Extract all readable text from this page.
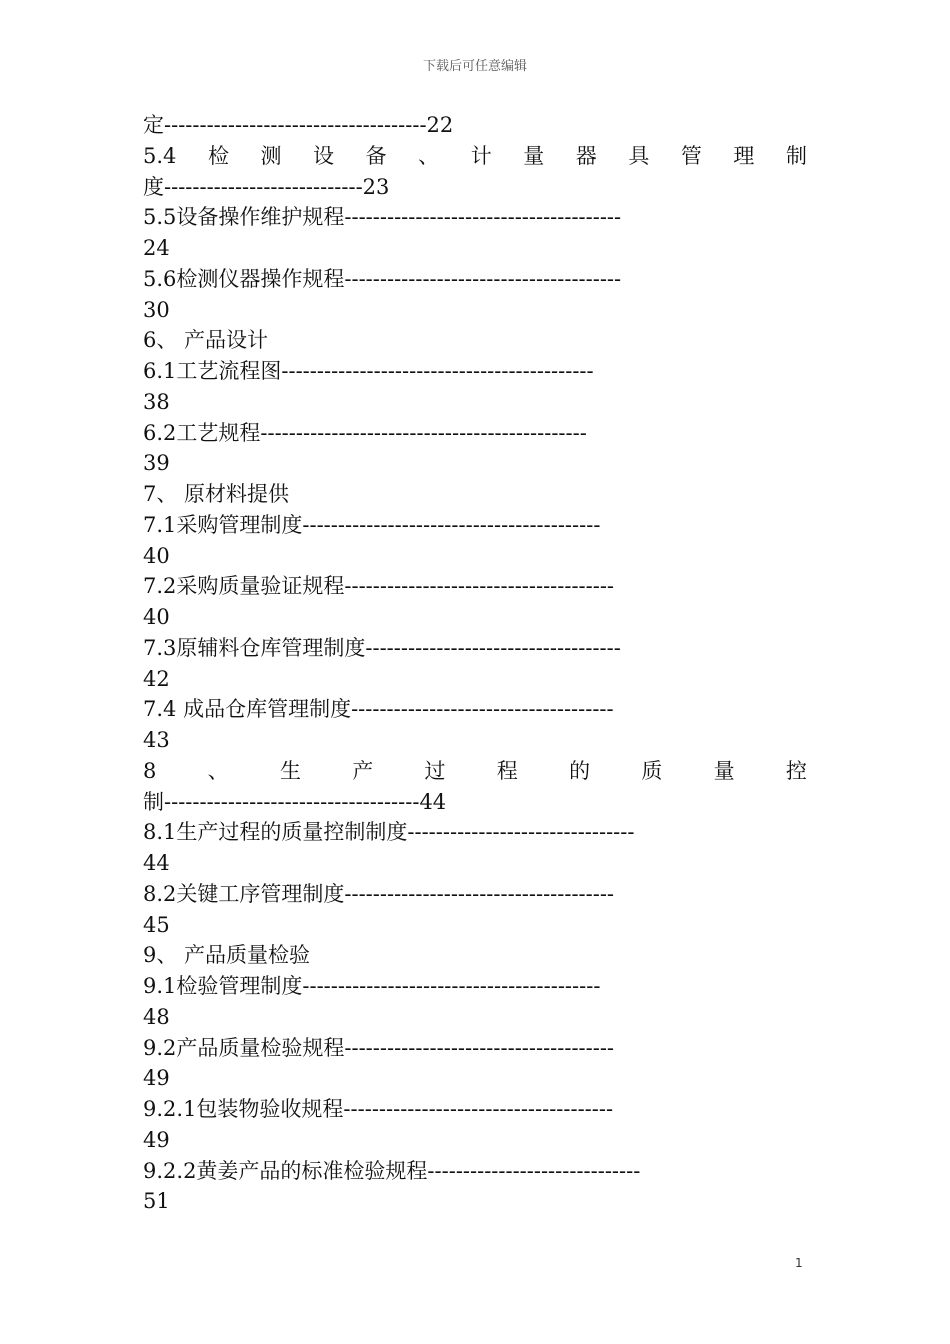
下载后可任意编辑
定-------------------------------------22
5.4 检 测 设 备 、 计 量 器 具 管 理 制
度----------------------------23
5.5设备操作维护规程---------------------------------------
24
5.6检测仪器操作规程---------------------------------------
30
6、 产品设计
6.1工艺流程图--------------------------------------------
38
6.2工艺规程----------------------------------------------
39
7、 原材料提供
7.1采购管理制度------------------------------------------
40
7.2采购质量验证规程--------------------------------------
40
7.3原辅料仓库管理制度------------------------------------
42
7.4 成品仓库管理制度-------------------------------------
43
8 、 生 产 过 程 的 质 量 控
制------------------------------------44
8.1生产过程的质量控制制度--------------------------------
44
8.2关键工序管理制度--------------------------------------
45
9、 产品质量检验
9.1检验管理制度------------------------------------------
48
9.2产品质量检验规程--------------------------------------
49
9.2.1包装物验收规程--------------------------------------
49
9.2.2黄姜产品的标准检验规程------------------------------
51
1
